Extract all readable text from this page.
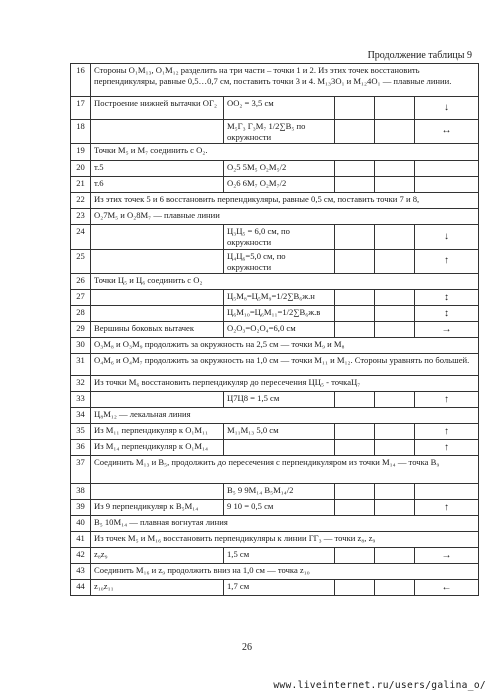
Продолжение таблицы 9
16	Стороны О₁М₁₃, О₁М₁₂ разделить на три части – точки 1 и 2. Из этих точек восстановить перпендикуляры, равные 0,5…0,7 см, поставить точки 3 и 4. М₁₃3О₁ и М₁₂4О₁ — плавные линии.				
17	Построение нижней вытачки ОГ₂	ОО₂ = 3,5 см			↓
18		М₅Г₃ Г₃М₇ 1/2∑В₅ по окружности			↔
19	Точки М₅ и М₇ соединить с О₂.				
20	т.5	О₂5 5М₅ О₂М₅/2			
21	т.6	О₂6 6М₇ О₂М₇/2			
22	Из этих точек 5 и 6 восстановить перпендикуляры, равные 0,5 см, поставить точки 7 и 8,				
23	О₂7М₅ и О₂8М₇ — плавные линии				
24		Ц₃Ц₅ = 6,0 см, по окружности			↓
25		Ц₄Ц₆=5,0 см, по окружности			↑
26	Точки Ц₅ и Ц₆ соединить с О₂				
27		Ц₅М₈=Ц₅М₉=1/2∑В₆ж.н			↕
28		Ц₆М₁₀=Ц₆М₁₁=1/2∑В₆ж.в			↕
29	Вершины боковых вытачек	О₂О₃=О₂О₄=6,0 см			→
30	О₃М₈ и О₃М₉ продолжить за окружность на 2,5 см — точки М₉ и М₈				
31	О₄М₆ и О₄М₇ продолжить за окружность на 1,0 см — точки М₁₁ и М₁₂. Стороны уравнять по большей.				
32	Из точки М₆ восстановить перпендикуляр до пересечения ЦЦ₅ - точкаЦ₇				
33		Ц7Ц8 = 1,5 см			↑
34	Ц₈М₁₂ — лекальная линия				
35	Из М₁₁ перпендикуляр к О₁М₁₁	М₁₁М₁₃ 5,0 см			↑
36	Из М₁₄ перпендикуляр к О₁М₁₄				↑
37	Соединить М₁₃ и В₅, продолжить до пересечения с перпендикуляром из точки М₁₄ — точка В₉				
38		В₅ 9 9М₁₄ В₅М₁₄/2			
39	Из 9 перпендикуляр к В₅М₁₄	9 10 = 0,5 см			↑
40	В₅ 10М₁₄ — плавная вогнутая линия				
41	Из точек М₅ и М₁₆ восстановить перпендикуляры к линии ГГ₃ — точки z₈, z₉				
42	z₈z₉	1,5 см			→
43	Соединить М₁₆ и z₉ продолжить вниз на 1,0 см — точка z₁₀				
44	z₁₀z₁₁	1,7 см			←
26
www.liveinternet.ru/users/galina_o/
